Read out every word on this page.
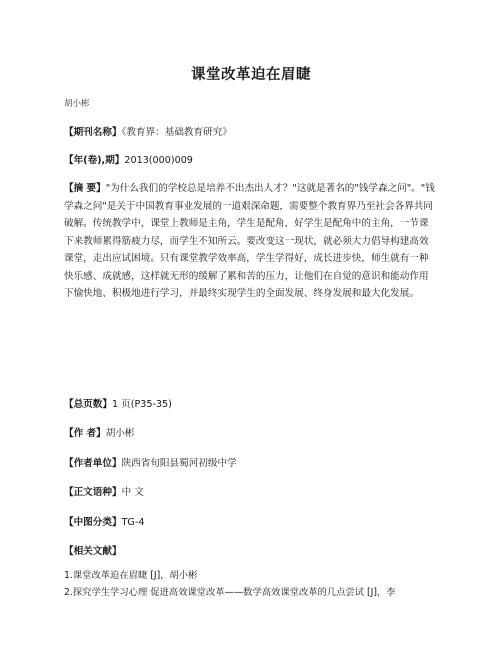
课堂改革迫在眉睫
胡小彬
【期刊名称】《教育界：基础教育研究》
【年(卷),期】2013(000)009
【摘 要】"为什么我们的学校总是培养不出杰出人才？"这就是著名的"钱学森之问"。"钱学森之问"是关于中国教育事业发展的一道艰深命题，需要整个教育界乃至社会各界共同破解。传统教学中，课堂上教师是主角，学生是配角，好学生是配角中的主角，一节课下来教师累得筋疲力尽，而学生不知所云。要改变这一现状，就必须大力倡导构建高效课堂，走出应试困境。只有课堂教学效率高，学生学得好，成长进步快，师生就有一种快乐感、成就感，这样就无形的缓解了累和苦的压力，让他们在自觉的意识和能动作用下愉快地、积极地进行学习，并最终实现学生的全面发展、终身发展和最大化发展。
【总页数】1 页(P35-35)
【作 者】胡小彬
【作者单位】陕西省旬阳县蜀河初级中学
【正文语种】中 文
【中图分类】TG-4
【相关文献】
1.课堂改革迫在眉睫 [J]，胡小彬
2.探究学生学习心理 促进高效课堂改革——数学高效课堂改革的几点尝试 [J]，李
